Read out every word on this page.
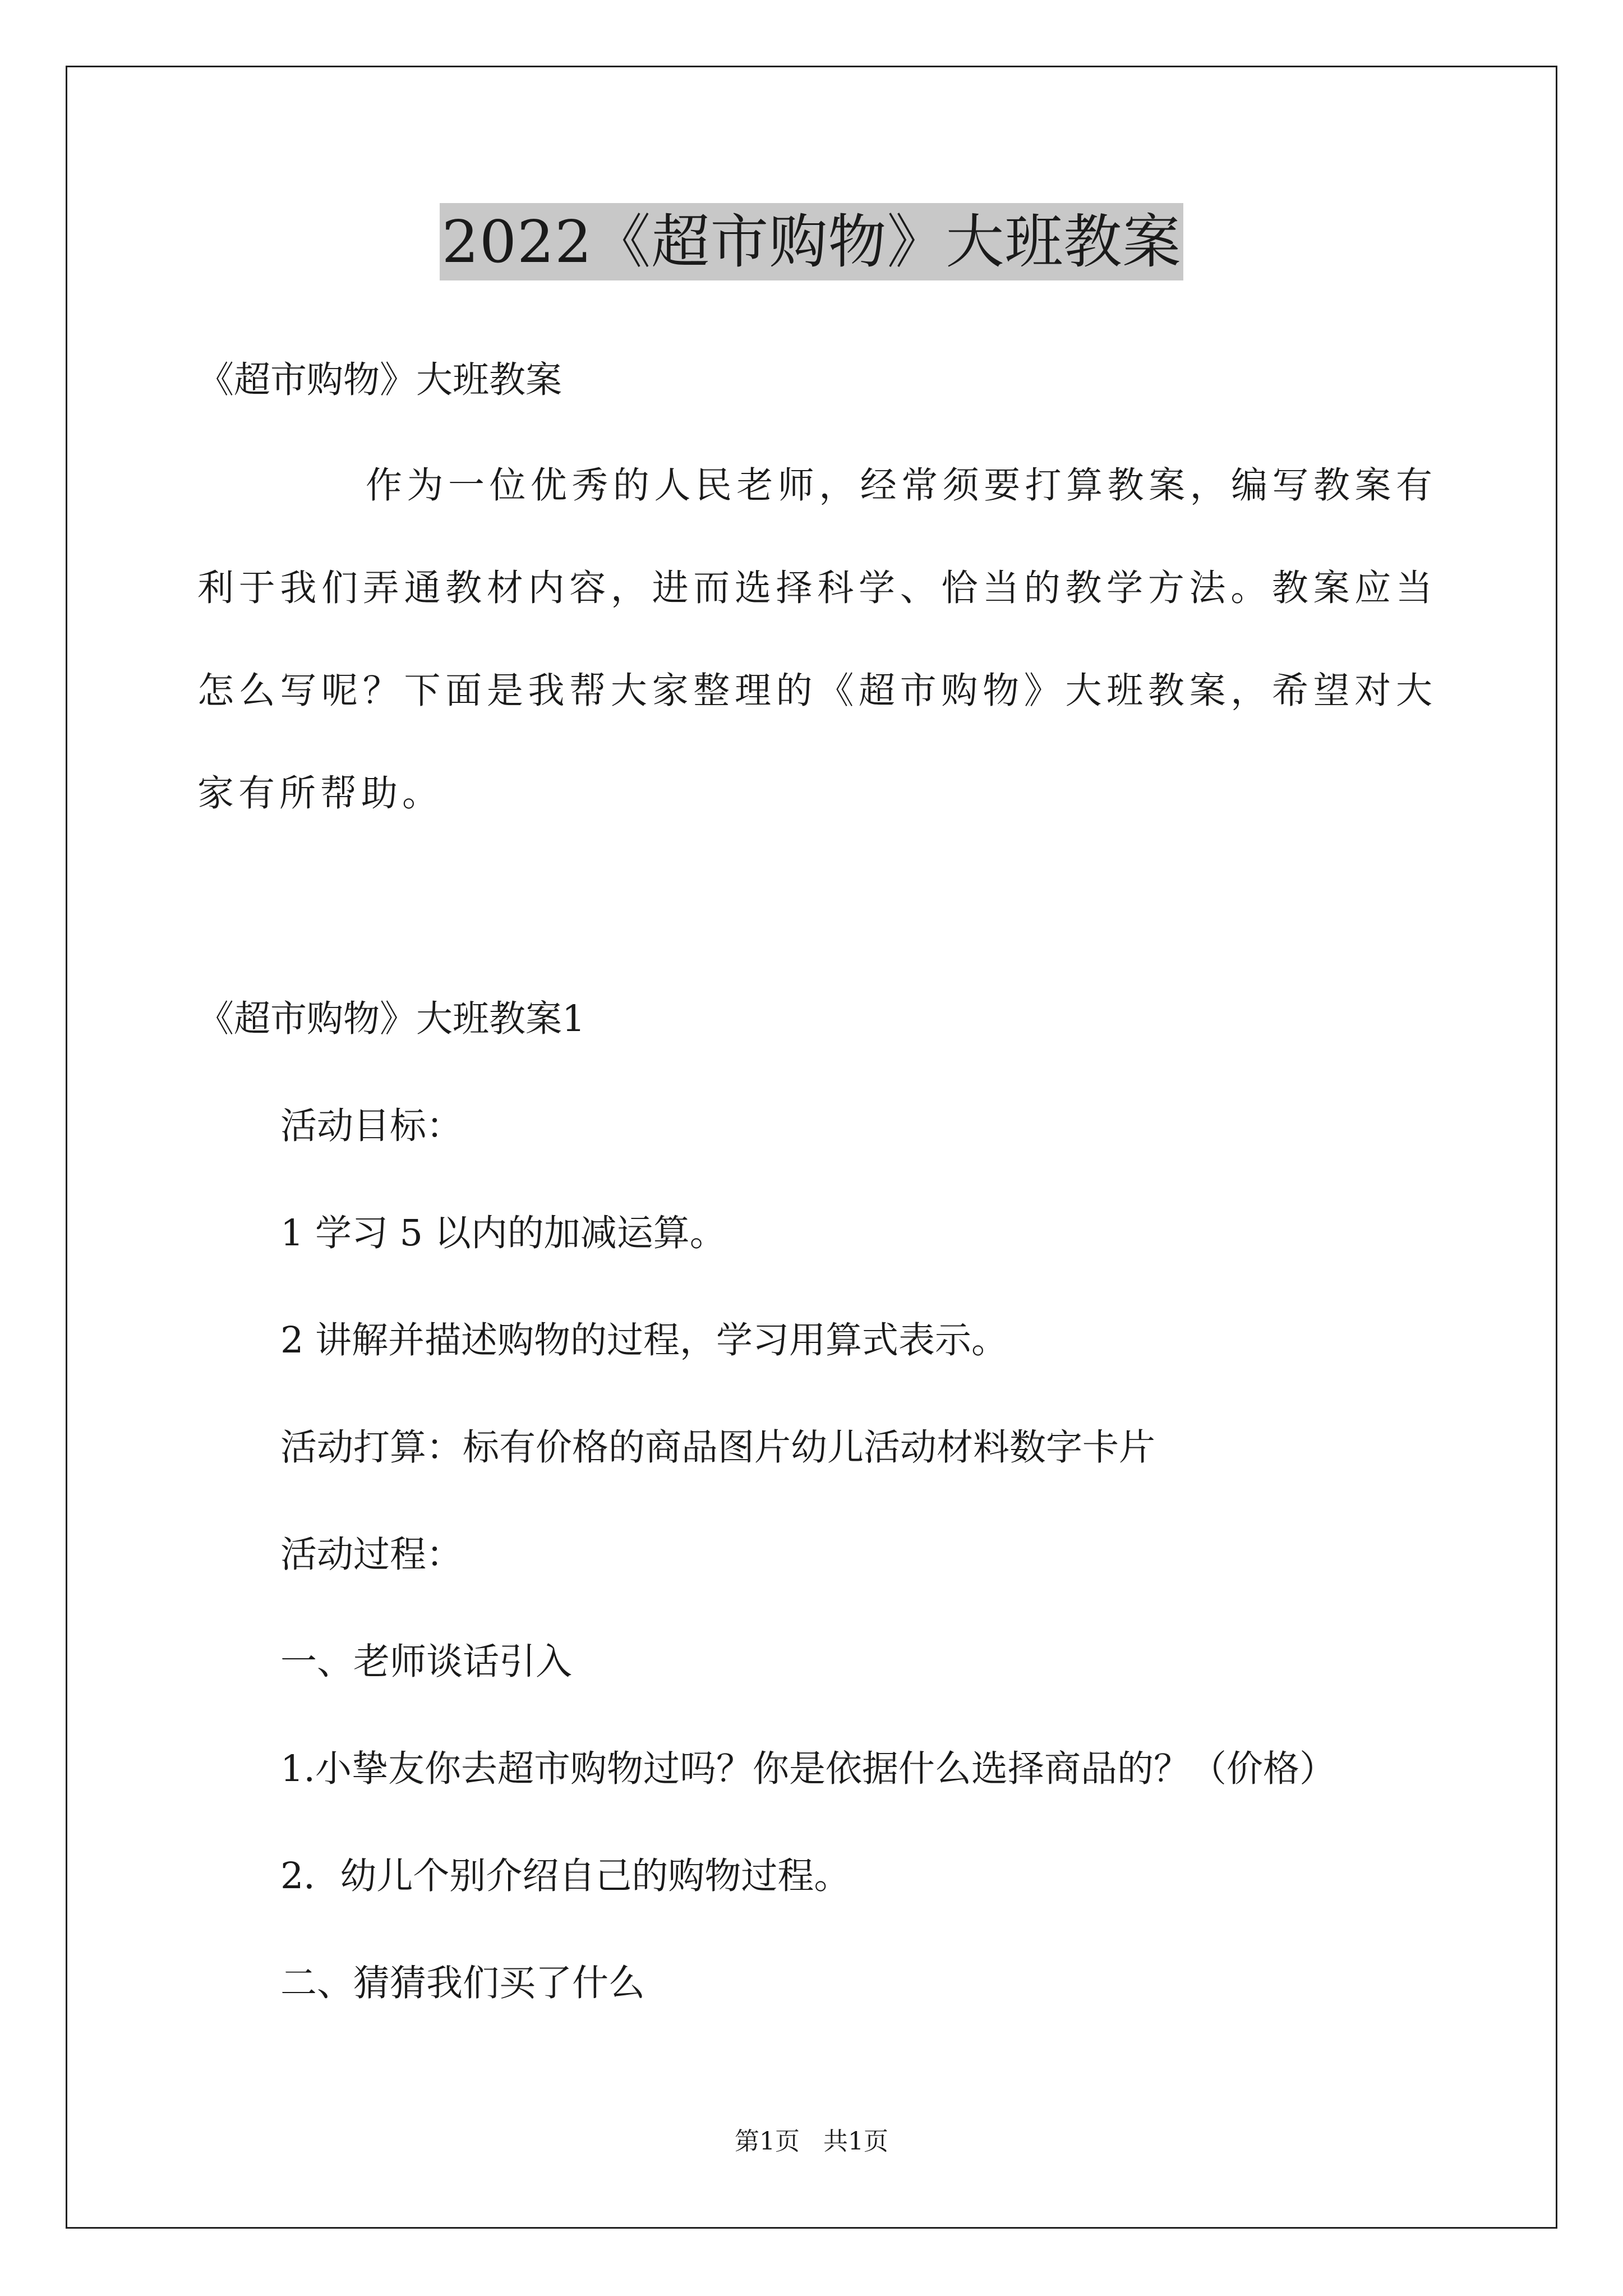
2022《超市购物》大班教案
《超市购物》大班教案
作为一位优秀的人民老师，经常须要打算教案，编写教案有利于我们弄通教材内容，进而选择科学、恰当的教学方法。教案应当怎么写呢？下面是我帮大家整理的《超市购物》大班教案，希望对大家有所帮助。
《超市购物》大班教案1
活动目标：
1 学习 5 以内的加减运算。
2 讲解并描述购物的过程，学习用算式表示。
活动打算：标有价格的商品图片幼儿活动材料数字卡片
活动过程：
一、老师谈话引入
1.小挚友你去超市购物过吗？你是依据什么选择商品的？（价格）
2．幼儿个别介绍自己的购物过程。
二、猜猜我们买了什么
第1页 共1页
